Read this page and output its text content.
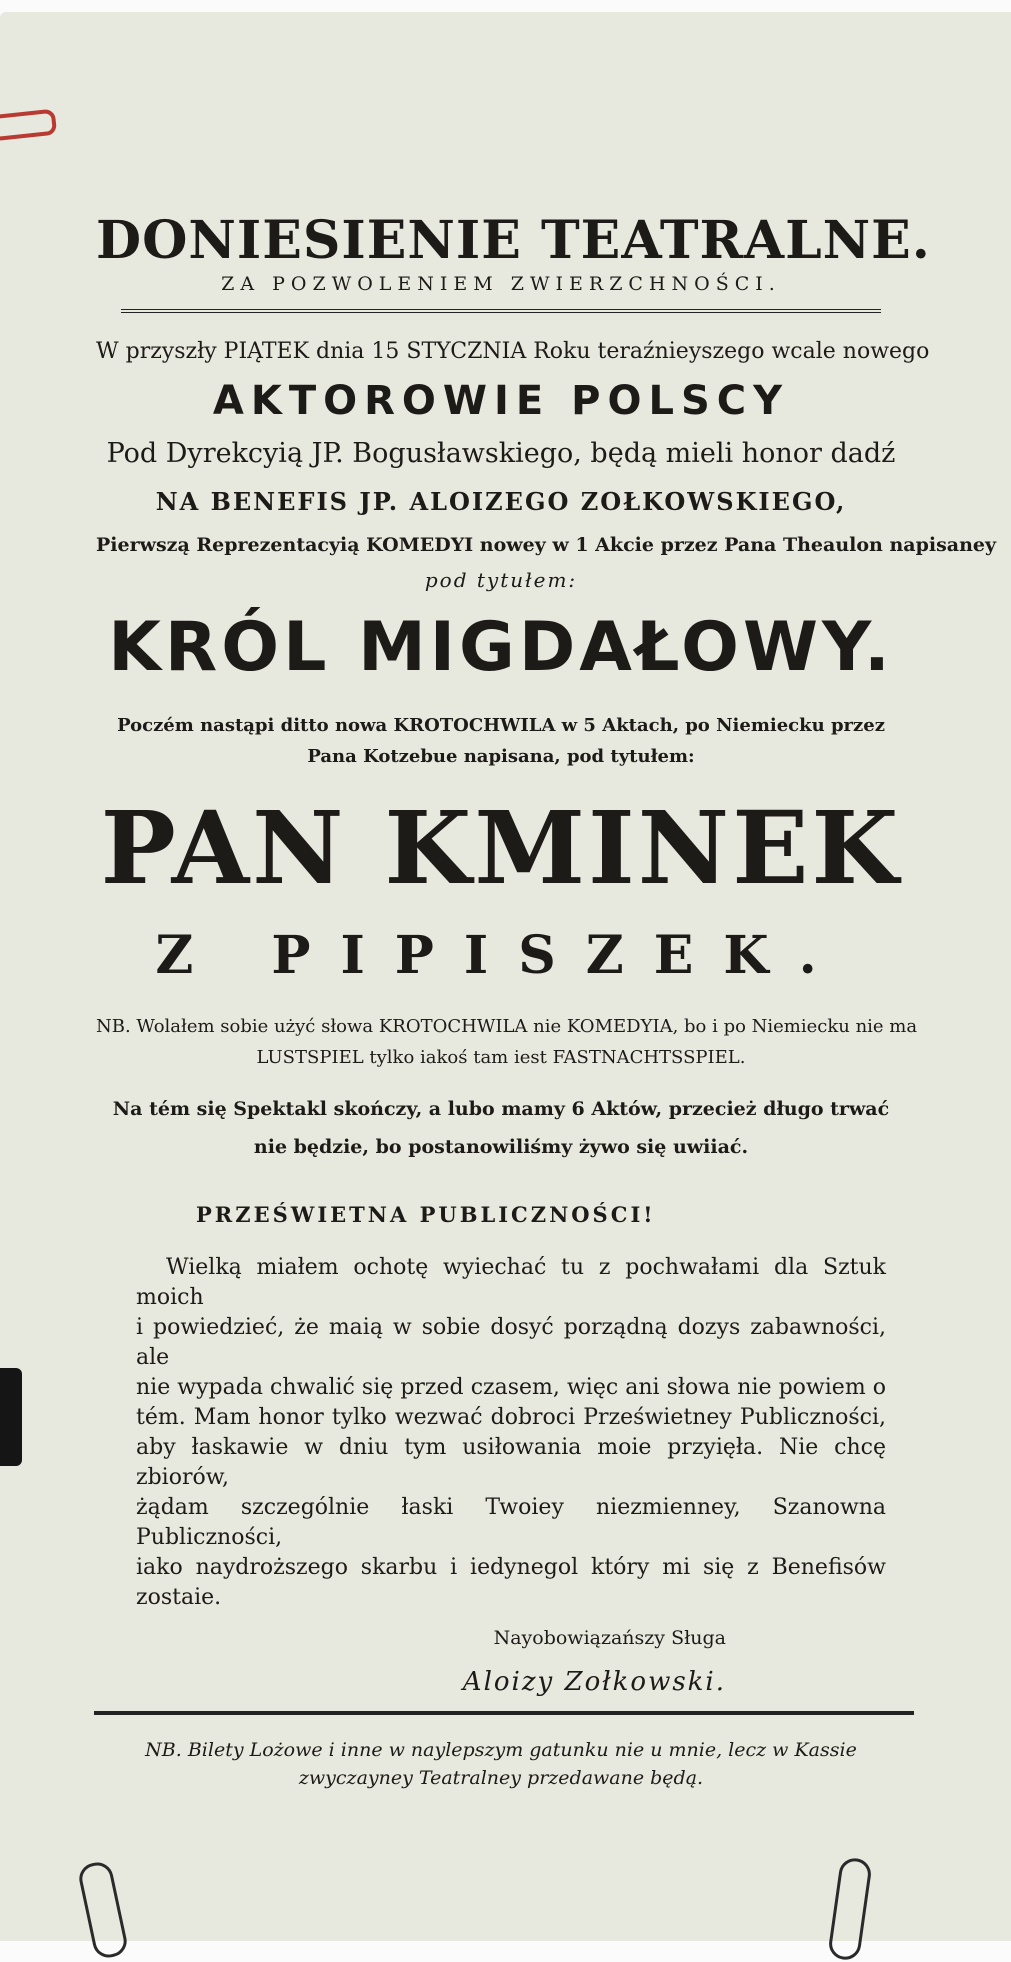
DONIESIENIE TEATRALNE.
ZA POZWOLENIEM ZWIERZCHNOŚCI.
W przyszły PIĄTEK dnia 15 STYCZNIA Roku teraźnieyszego wcale nowego
AKTOROWIE POLSCY
Pod Dyrekcyią JP. Bogusławskiego, będą mieli honor dadź
NA BENEFIS JP. ALOIZEGO ZOŁKOWSKIEGO,
Pierwszą Reprezentacyią KOMEDYI nowey w 1 Akcie przez Pana Theaulon napisaney
pod tytułem:
KRÓL MIGDAŁOWY.
Poczém nastąpi ditto nowa KROTOCHWILA w 5 Aktach, po Niemiecku przez
Pana Kotzebue napisana, pod tytułem:
PAN KMINEK
Z PIPISZEK.
NB. Wolałem sobie użyć słowa KROTOCHWILA nie KOMEDYIA, bo i po Niemiecku nie ma
LUSTSPIEL tylko iakoś tam iest FASTNACHTSSPIEL.
Na tém się Spektakl skończy, a lubo mamy 6 Aktów, przecież długo trwać
nie będzie, bo postanowiliśmy żywo się uwiiać.
PRZEŚWIETNA PUBLICZNOŚCI!
Wielką miałem ochotę wyiechać tu z pochwałami dla Sztuk moich
i powiedzieć, że maią w sobie dosyć porządną dozys zabawności, ale
nie wypada chwalić się przed czasem, więc ani słowa nie powiem o
tém. Mam honor tylko wezwać dobroci Prześwietney Publiczności,
aby łaskawie w dniu tym usiłowania moie przyięła. Nie chcę zbiorów,
żądam szczególnie łaski Twoiey niezmienney, Szanowna Publiczności,
iako naydroższego skarbu i iedynegol który mi się z Benefisów zostaie.
Nayobowiązańszy Sługa
Aloizy Zołkowski.
NB. Bilety Lożowe i inne w naylepszym gatunku nie u mnie, lecz w Kassie
zwyczayney Teatralney przedawane będą.
